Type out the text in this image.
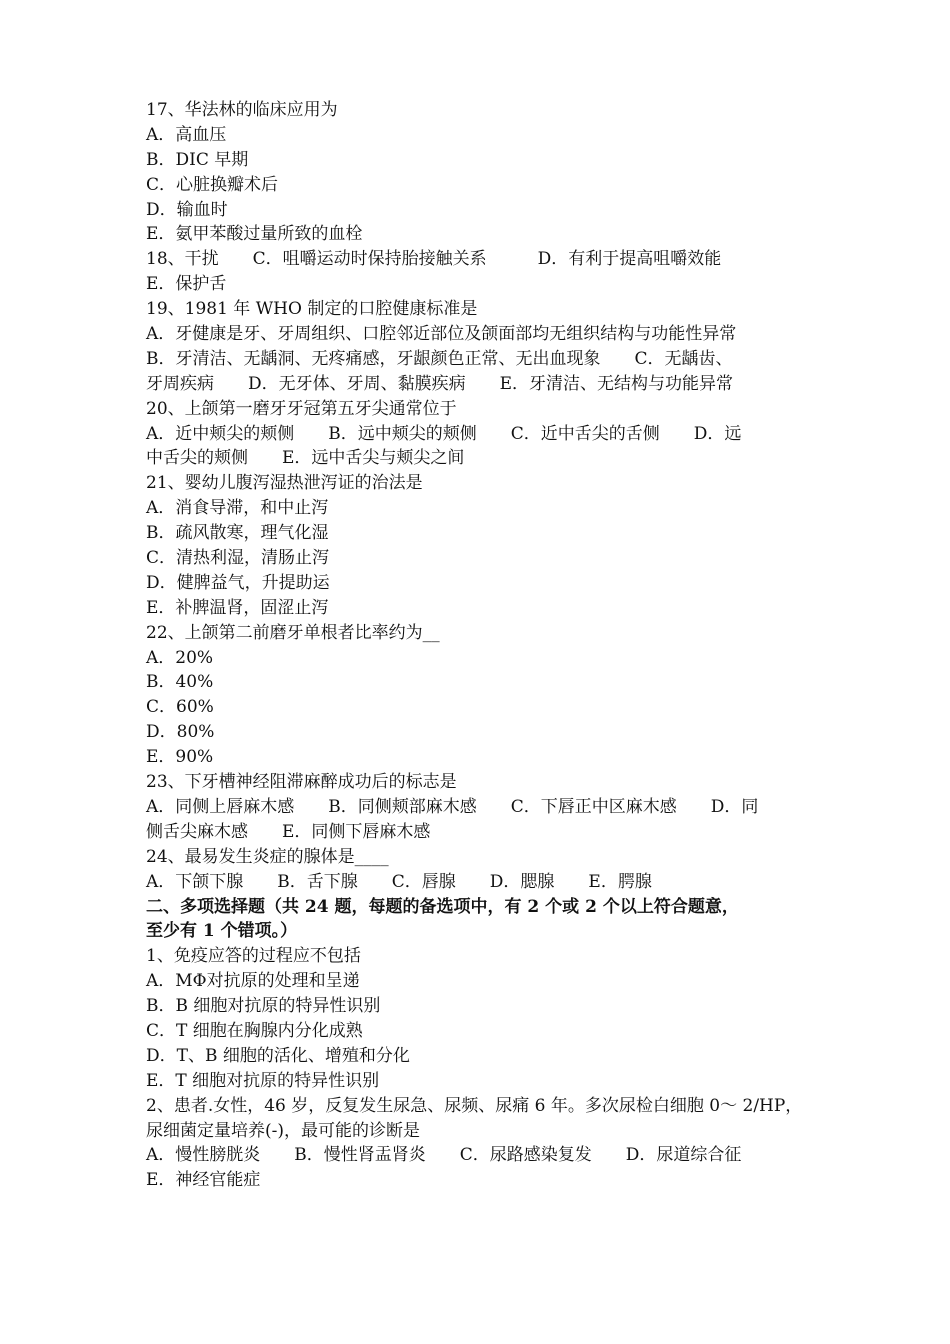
17、华法林的临床应用为
A．高血压
B．DIC 早期
C．心脏换瓣术后
D．输血时
E．氨甲苯酸过量所致的血栓
18、干扰　　C．咀嚼运动时保持胎接触关系　　　D．有利于提高咀嚼效能
E．保护舌
19、1981 年 WHO 制定的口腔健康标准是
A．牙健康是牙、牙周组织、口腔邻近部位及颌面部均无组织结构与功能性异常
B．牙清洁、无龋洞、无疼痛感，牙龈颜色正常、无出血现象　　C．无龋齿、
牙周疾病　　D．无牙体、牙周、黏膜疾病　　E．牙清洁、无结构与功能异常
20、上颌第一磨牙牙冠第五牙尖通常位于
A．近中颊尖的颊侧　　B．远中颊尖的颊侧　　C．近中舌尖的舌侧　　D．远
中舌尖的颊侧　　E．远中舌尖与颊尖之间
21、婴幼儿腹泻湿热泄泻证的治法是
A．消食导滞，和中止泻
B．疏风散寒，理气化湿
C．清热利湿，清肠止泻
D．健脾益气，升提助运
E．补脾温肾，固涩止泻
22、上颌第二前磨牙单根者比率约为__
A．20%
B．40%
C．60%
D．80%
E．90%
23、下牙槽神经阻滞麻醉成功后的标志是
A．同侧上唇麻木感　　B．同侧颊部麻木感　　C．下唇正中区麻木感　　D．同
侧舌尖麻木感　　E．同侧下唇麻木感
24、最易发生炎症的腺体是____
A．下颌下腺　　B．舌下腺　　C．唇腺　　D．腮腺　　E．腭腺
二、多项选择题（共 24 题，每题的备选项中，有 2 个或 2 个以上符合题意，
至少有 1 个错项。）
1、免疫应答的过程应不包括
A．MΦ对抗原的处理和呈递
B．B 细胞对抗原的特异性识别
C．T 细胞在胸腺内分化成熟
D．T、B 细胞的活化、增殖和分化
E．T 细胞对抗原的特异性识别
2、患者.女性，46 岁，反复发生尿急、尿频、尿痛 6 年。多次尿检白细胞 0～ 2/HP，
尿细菌定量培养(-)，最可能的诊断是
A．慢性膀胱炎　　B．慢性肾盂肾炎　　C．尿路感染复发　　D．尿道综合征
E．神经官能症
